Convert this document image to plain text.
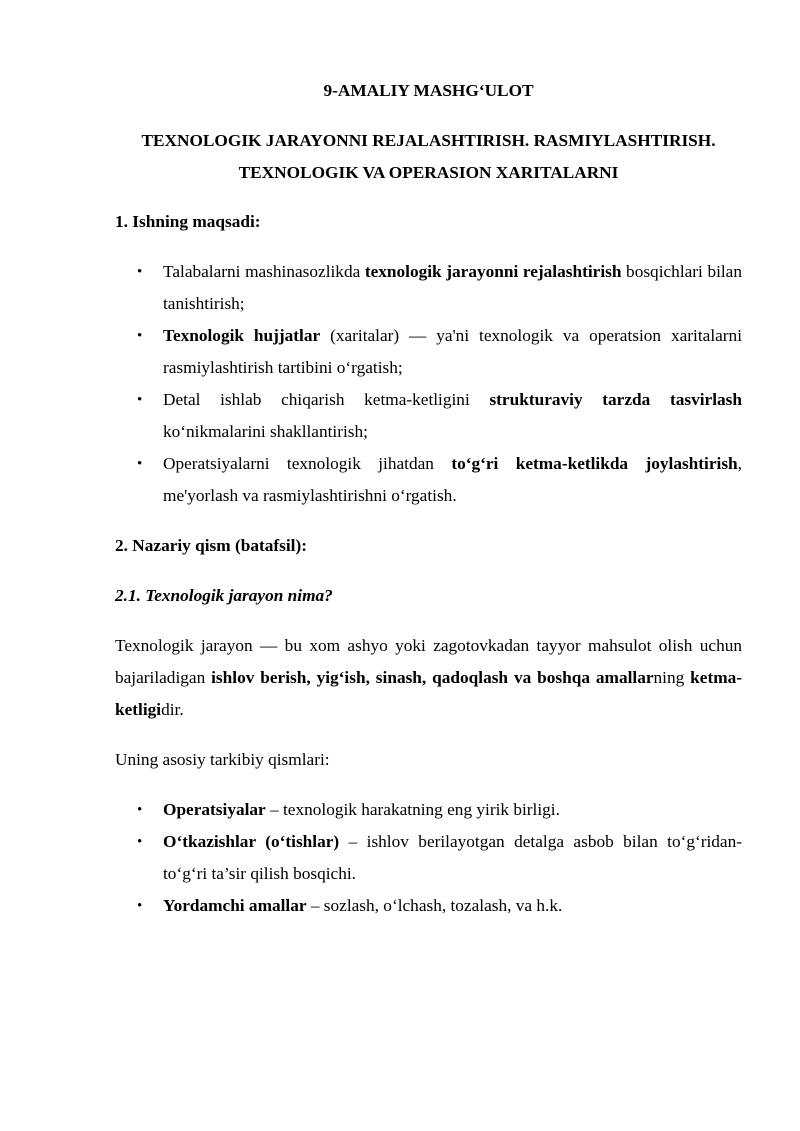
9-AMALIY MASHG‘ULOT
TEXNOLOGIK JARAYONNI REJALASHTIRISH. RASMIYLASHTIRISH.
TEXNOLOGIK VA OPERASION XARITALARNI
1. Ishning maqsadi:
• Talabalarni mashinasozlikda texnologik jarayonni rejalashtirish bosqichlari bilan tanishtirish;
• Texnologik hujjatlar (xaritalar) — ya'ni texnologik va operatsion xaritalarni rasmiylashtirish tartibini o‘rgatish;
• Detal ishlab chiqarish ketma-ketligini strukturaviy tarzda tasvirlash ko‘nikmalarini shakllantirish;
• Operatsiyalarni texnologik jihatdan to‘g‘ri ketma-ketlikda joylashtirish, me'yorlash va rasmiylashtirishni o‘rgatish.
2. Nazariy qism (batafsil):
2.1. Texnologik jarayon nima?
Texnologik jarayon — bu xom ashyo yoki zagotovkadan tayyor mahsulot olish uchun bajariladigan ishlov berish, yig‘ish, sinash, qadoqlash va boshqa amallarning ketma-ketligidir.
Uning asosiy tarkibiy qismlari:
• Operatsiyalar – texnologik harakatning eng yirik birligi.
• O‘tkazishlar (o‘tishlar) – ishlov berilayotgan detalga asbob bilan to‘g‘ridan-to‘g‘ri ta’sir qilish bosqichi.
• Yordamchi amallar – sozlash, o‘lchash, tozalash, va h.k.
